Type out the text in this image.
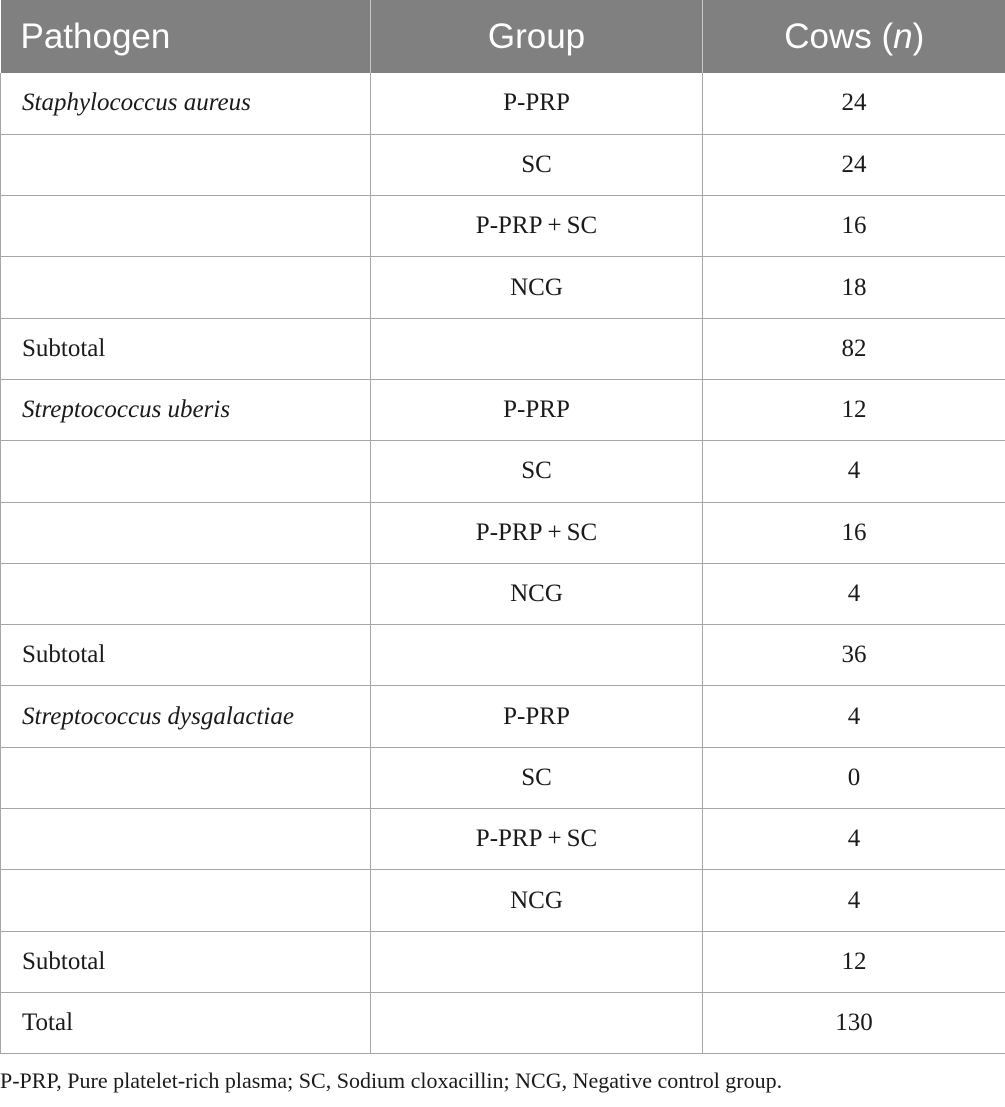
Pathogen	Group	Cows (n)
Staphylococcus aureus	P-PRP	24
	SC	24
	P-PRP + SC	16
	NCG	18
Subtotal		82
Streptococcus uberis	P-PRP	12
	SC	4
	P-PRP + SC	16
	NCG	4
Subtotal		36
Streptococcus dysgalactiae	P-PRP	4
	SC	0
	P-PRP + SC	4
	NCG	4
Subtotal		12
Total		130
P-PRP, Pure platelet-rich plasma; SC, Sodium cloxacillin; NCG, Negative control group.
